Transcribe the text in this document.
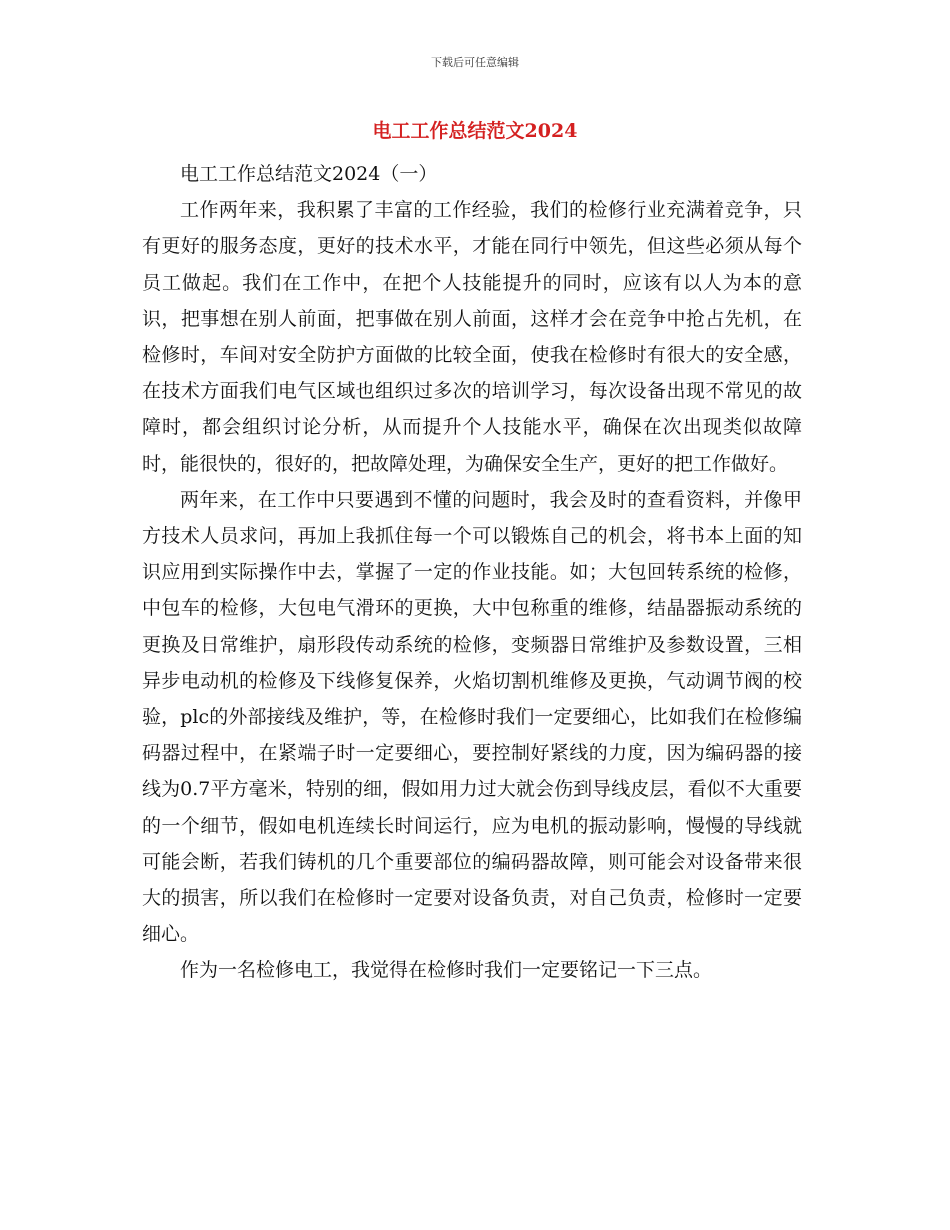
下载后可任意编辑
电工工作总结范文2024

电工工作总结范文2024（一）

工作两年来，我积累了丰富的工作经验，我们的检修行业充满着竞争，只有更好的服务态度，更好的技术水平，才能在同行中领先，但这些必须从每个员工做起。我们在工作中，在把个人技能提升的同时，应该有以人为本的意识，把事想在别人前面，把事做在别人前面，这样才会在竞争中抢占先机，在检修时，车间对安全防护方面做的比较全面，使我在检修时有很大的安全感，在技术方面我们电气区域也组织过多次的培训学习，每次设备出现不常见的故障时，都会组织讨论分析，从而提升个人技能水平，确保在次出现类似故障时，能很快的，很好的，把故障处理，为确保安全生产，更好的把工作做好。

两年来，在工作中只要遇到不懂的问题时，我会及时的查看资料，并像甲方技术人员求问，再加上我抓住每一个可以锻炼自己的机会，将书本上面的知识应用到实际操作中去，掌握了一定的作业技能。如；大包回转系统的检修，中包车的检修，大包电气滑环的更换，大中包称重的维修，结晶器振动系统的更换及日常维护，扇形段传动系统的检修，变频器日常维护及参数设置，三相异步电动机的检修及下线修复保养，火焰切割机维修及更换，气动调节阀的校验，plc的外部接线及维护，等，在检修时我们一定要细心，比如我们在检修编码器过程中，在紧端子时一定要细心，要控制好紧线的力度，因为编码器的接线为0.7平方毫米，特别的细，假如用力过大就会伤到导线皮层，看似不大重要的一个细节，假如电机连续长时间运行，应为电机的振动影响，慢慢的导线就可能会断，若我们铸机的几个重要部位的编码器故障，则可能会对设备带来很大的损害，所以我们在检修时一定要对设备负责，对自己负责，检修时一定要细心。

作为一名检修电工，我觉得在检修时我们一定要铭记一下三点。
